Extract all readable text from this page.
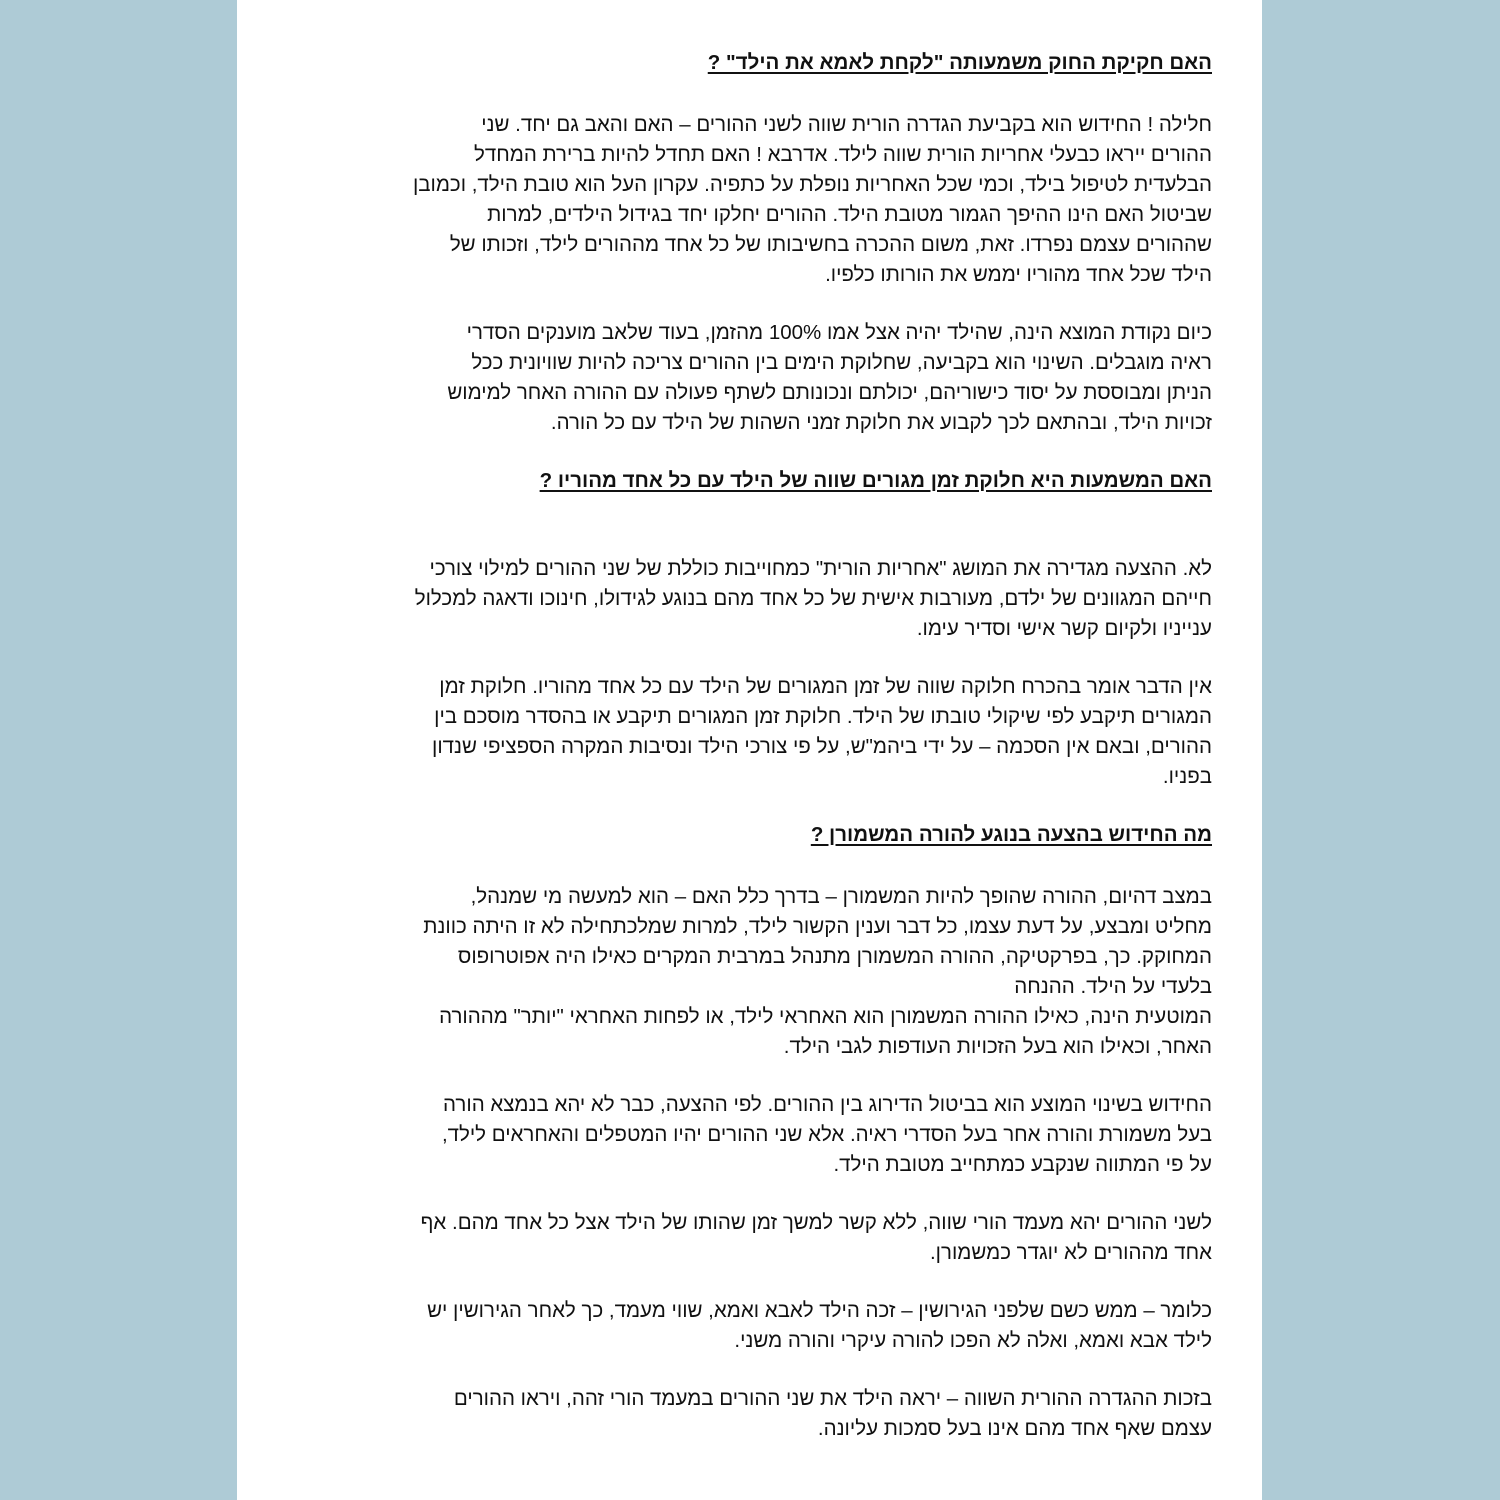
האם חקיקת החוק משמעותה "לקחת לאמא את הילד" ?

חלילה ! החידוש הוא בקביעת הגדרה הורית שווה לשני ההורים – האם והאב גם יחד. שני
ההורים ייראו כבעלי אחריות הורית שווה לילד. אדרבא ! האם תחדל להיות ברירת המחדל
הבלעדית לטיפול בילד, וכמי שכל האחריות נופלת על כתפיה. עקרון העל הוא טובת הילד, וכמובן
שביטול האם הינו ההיפך הגמור מטובת הילד. ההורים יחלקו יחד בגידול הילדים, למרות
שההורים עצמם נפרדו. זאת, משום ההכרה בחשיבותו של כל אחד מההורים לילד, וזכותו של
הילד שכל אחד מהוריו יממש את הורותו כלפיו.

כיום נקודת המוצא הינה, שהילד יהיה אצל אמו 100% מהזמן, בעוד שלאב מוענקים הסדרי
ראיה מוגבלים. השינוי הוא בקביעה, שחלוקת הימים בין ההורים צריכה להיות שוויונית ככל
הניתן ומבוססת על יסוד כישוריהם, יכולתם ונכונותם לשתף פעולה עם ההורה האחר למימוש
זכויות הילד, ובהתאם לכך לקבוע את חלוקת זמני השהות של הילד עם כל הורה.

האם המשמעות היא חלוקת זמן מגורים שווה של הילד עם כל אחד מהוריו ?

לא. ההצעה מגדירה את המושג "אחריות הורית" כמחוייבות כוללת של שני ההורים למילוי צורכי
חייהם המגוונים של ילדם, מעורבות אישית של כל אחד מהם בנוגע לגידולו, חינוכו ודאגה למכלול
ענייניו ולקיום קשר אישי וסדיר עימו.

אין הדבר אומר בהכרח חלוקה שווה של זמן המגורים של הילד עם כל אחד מהוריו. חלוקת זמן
המגורים תיקבע לפי שיקולי טובתו של הילד. חלוקת זמן המגורים תיקבע או בהסדר מוסכם בין
ההורים, ובאם אין הסכמה – על ידי ביהמ"ש, על פי צורכי הילד ונסיבות המקרה הספציפי שנדון
בפניו.

מה החידוש בהצעה בנוגע להורה המשמורן ?

במצב דהיום, ההורה שהופך להיות המשמורן – בדרך כלל האם – הוא למעשה מי שמנהל,
מחליט ומבצע, על דעת עצמו, כל דבר וענין הקשור לילד, למרות שמלכתחילה לא זו היתה כוונת
המחוקק. כך, בפרקטיקה, ההורה המשמורן מתנהל במרבית המקרים כאילו היה אפוטרופוס
בלעדי על הילד. ההנחה
המוטעית הינה, כאילו ההורה המשמורן הוא האחראי לילד, או לפחות האחראי "יותר" מההורה
האחר, וכאילו הוא בעל הזכויות העודפות לגבי הילד.

החידוש בשינוי המוצע הוא בביטול הדירוג בין ההורים. לפי ההצעה, כבר לא יהא בנמצא הורה
בעל משמורת והורה אחר בעל הסדרי ראיה. אלא שני ההורים יהיו המטפלים והאחראים לילד,
על פי המתווה שנקבע כמתחייב מטובת הילד.

לשני ההורים יהא מעמד הורי שווה, ללא קשר למשך זמן שהותו של הילד אצל כל אחד מהם. אף
אחד מההורים לא יוגדר כמשמורן.

כלומר – ממש כשם שלפני הגירושין – זכה הילד לאבא ואמא, שווי מעמד, כך לאחר הגירושין יש
לילד אבא ואמא, ואלה לא הפכו להורה עיקרי והורה משני.

בזכות ההגדרה ההורית השווה – יראה הילד את שני ההורים במעמד הורי זהה, ויראו ההורים
עצמם שאף אחד מהם אינו בעל סמכות עליונה.
